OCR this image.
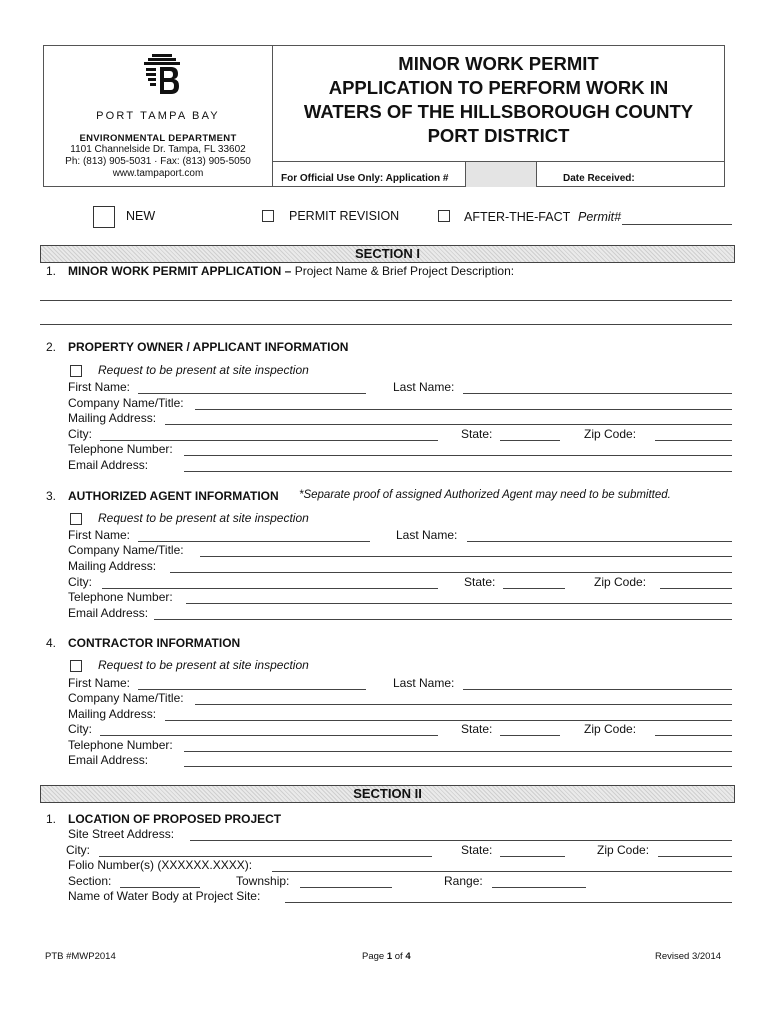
PORT TAMPA BAY
ENVIRONMENTAL DEPARTMENT
1101 Channelside Dr. Tampa, FL 33602
Ph: (813) 905-5031 · Fax: (813) 905-5050
www.tampaport.com
MINOR WORK PERMIT
APPLICATION TO PERFORM WORK IN
WATERS OF THE HILLSBOROUGH COUNTY
PORT DISTRICT
For Official Use Only: Application #	Date Received:
NEW	PERMIT REVISION	AFTER-THE-FACT Permit#
SECTION I
1. MINOR WORK PERMIT APPLICATION – Project Name & Brief Project Description:
2. PROPERTY OWNER / APPLICANT INFORMATION
Request to be present at site inspection
First Name:	Last Name:
Company Name/Title:
Mailing Address:
City:	State:	Zip Code:
Telephone Number:
Email Address:
3. AUTHORIZED AGENT INFORMATION *Separate proof of assigned Authorized Agent may need to be submitted.
Request to be present at site inspection
First Name:	Last Name:
Company Name/Title:
Mailing Address:
City:	State:	Zip Code:
Telephone Number:
Email Address:
4. CONTRACTOR INFORMATION
Request to be present at site inspection
First Name:	Last Name:
Company Name/Title:
Mailing Address:
City:	State:	Zip Code:
Telephone Number:
Email Address:
SECTION II
1. LOCATION OF PROPOSED PROJECT
Site Street Address:
City:	State:	Zip Code:
Folio Number(s) (XXXXXX.XXXX):
Section:	Township:	Range:
Name of Water Body at Project Site:
PTB #MWP2014	Page 1 of 4	Revised 3/2014
